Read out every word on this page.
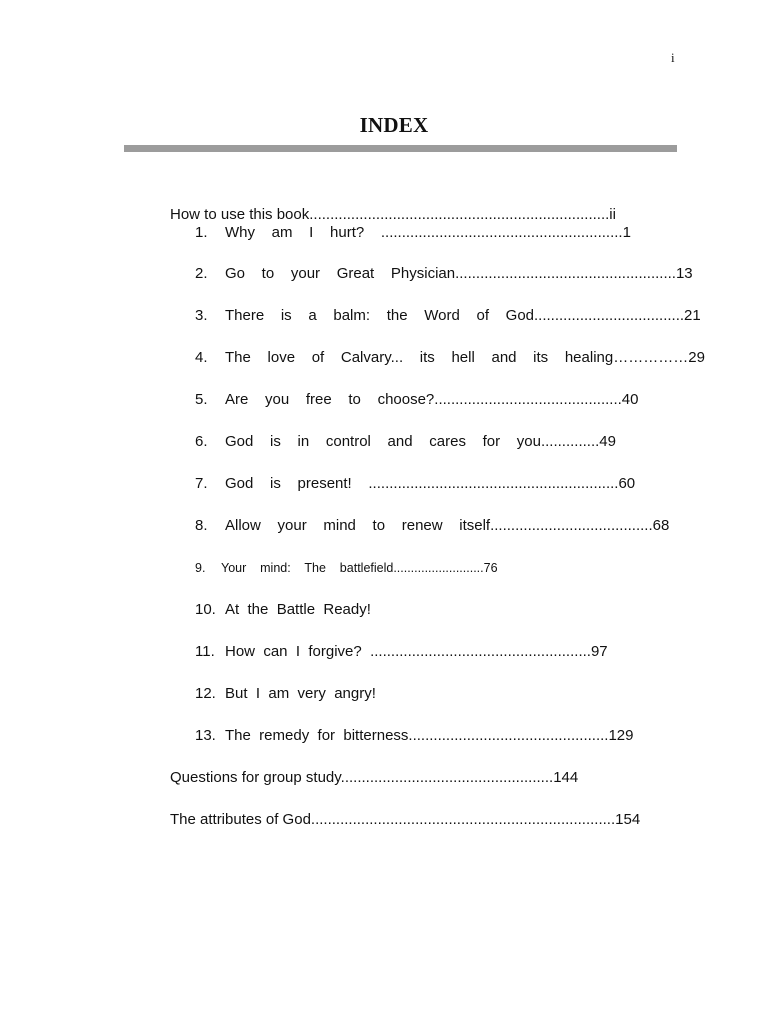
i
INDEX
How to use this book........................................................................ii
1. Why    am    I    hurt?    ..........................................................1
2. Go    to    your    Great    Physician.....................................................13
3. There    is    a    balm:    the    Word    of    God....................................21
4. The    love    of    Calvary...    its    hell    and    its    healing……………29
5. Are    you    free    to    choose?.............................................40
6. God    is    in    control    and    cares    for    you..............49
7. God    is    present!    ............................................................60
8. Allow    your    mind    to    renew    itself.......................................68
9. Your    mind:    The    battlefield..........................76
10. At  the  Battle  Ready!
11. How  can  I  forgive?  .....................................................97
12. But  I  am  very  angry!
13. The  remedy  for  bitterness................................................129
Questions for group study...................................................144
The attributes of God.........................................................................154
